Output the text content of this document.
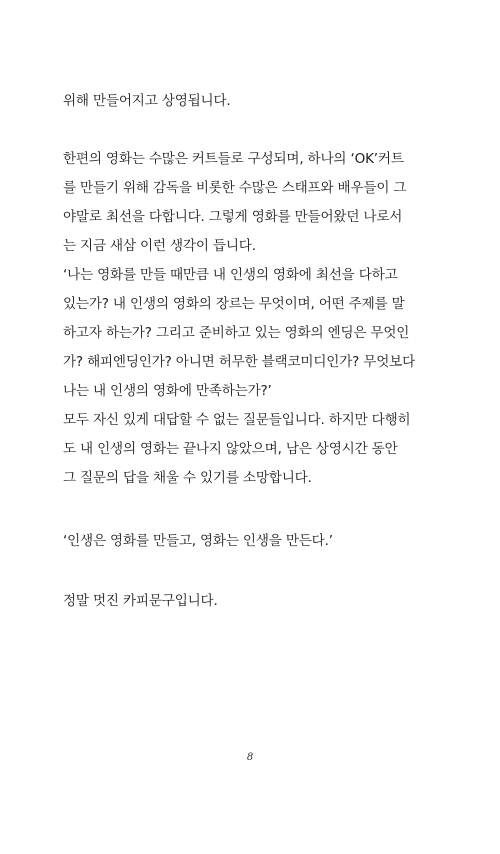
위해 만들어지고 상영됩니다.
한편의 영화는 수많은 커트들로 구성되며, 하나의 ‘OK’커트
를 만들기 위해 감독을 비롯한 수많은 스태프와 배우들이 그
야말로 최선을 다합니다. 그렇게 영화를 만들어왔던 나로서
는 지금 새삼 이런 생각이 듭니다.
‘나는 영화를 만들 때만큼 내 인생의 영화에 최선을 다하고
있는가? 내 인생의 영화의 장르는 무엇이며, 어떤 주제를 말
하고자 하는가? 그리고 준비하고 있는 영화의 엔딩은 무엇인
가? 해피엔딩인가? 아니면 허무한 블랙코미디인가? 무엇보다
나는 내 인생의 영화에 만족하는가?’
모두 자신 있게 대답할 수 없는 질문들입니다. 하지만 다행히
도 내 인생의 영화는 끝나지 않았으며, 남은 상영시간 동안
그 질문의 답을 채울 수 있기를 소망합니다.
‘인생은 영화를 만들고, 영화는 인생을 만든다.’
정말 멋진 카피문구입니다.
8
